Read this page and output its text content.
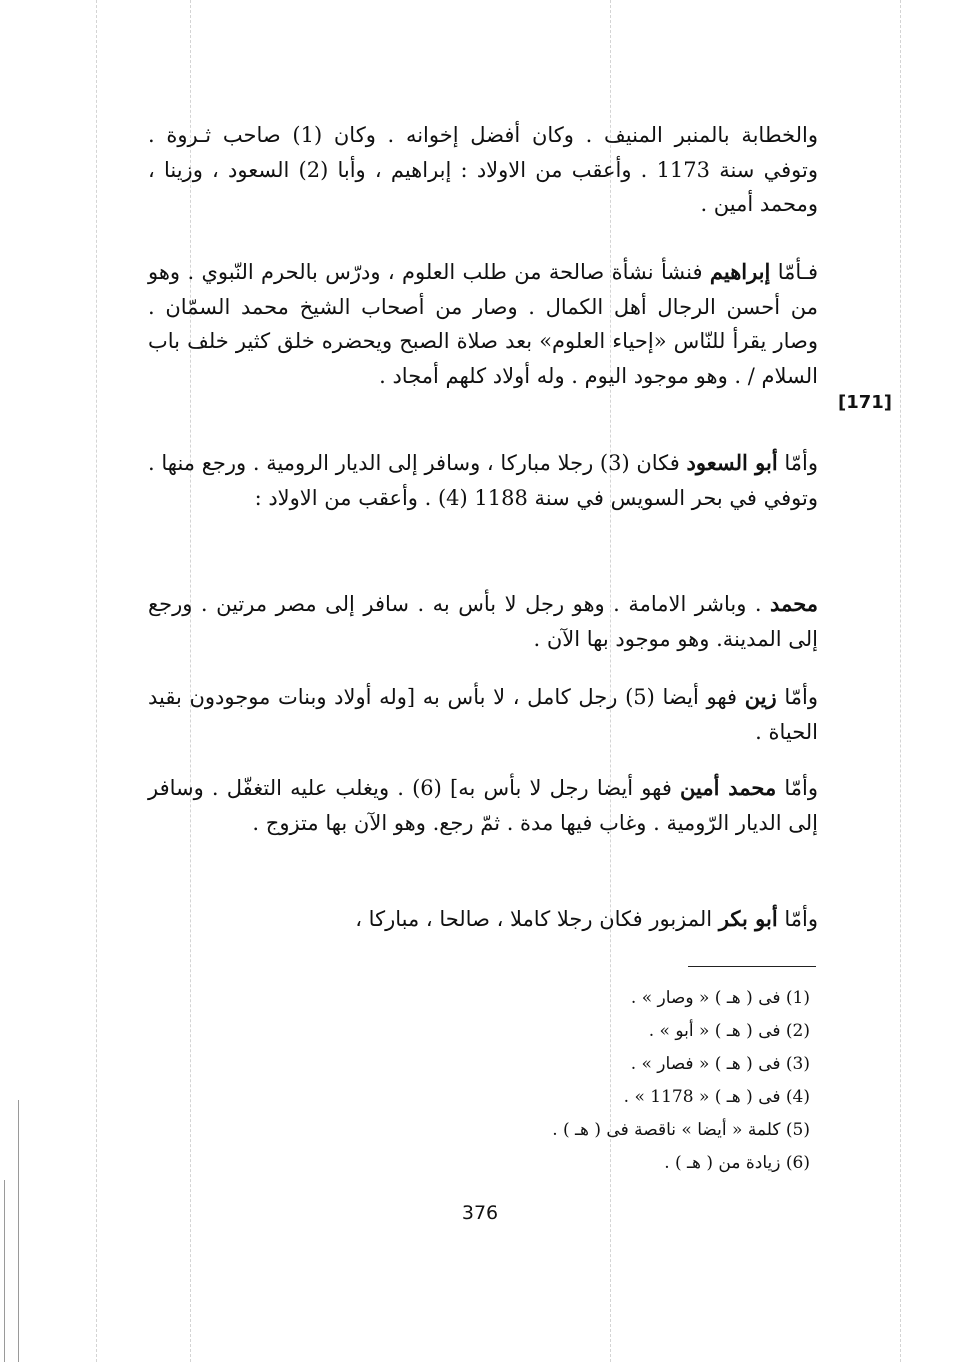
والخطابة بالمنبر المنيف . وكان أفضل إخوانه . وكان (1) صاحب ثـروة . وتوفي سنة 1173 . وأعقب من الاولاد : إبراهيم ، وأبا (2) السعود ، وزينا ، ومحمد أمين .

فـأمّا إبراهيم فنشأ نشأة صالحة من طلب العلوم ، ودرّس بالحرم النّبوي . وهو من أحسن الرجال أهل الكمال . وصار من أصحاب الشيخ محمد السمّان . وصار يقرأ للنّاس «إحياء العلوم» بعد صلاة الصبح ويحضره خلق كثير خلف باب السلام / . وهو موجود اليوم . وله أولاد كلهم أمجاد .

وأمّا أبو السعود فكان (3) رجلا مباركا ، وسافر إلى الديار الرومية . ورجع منها . وتوفي في بحر السويس في سنة 1188 (4) . وأعقب من الاولاد :

محمد . وباشر الامامة . وهو رجل لا بأس به . سافر إلى مصر مرتين . ورجع إلى المدينة. وهو موجود بها الآن .

وأمّا زين فهو أيضا (5) رجل كامل ، لا بأس به [وله أولاد وبنات موجودون بقيد الحياة .

وأمّا محمد أمين فهو أيضا رجل لا بأس به] (6) . ويغلب عليه التغفّل . وسافر إلى الديار الرّومية . وغاب فيها مدة . ثمّ رجع. وهو الآن بها متزوج .

وأمّا أبو بكر المزبور فكان رجلا كاملا ، صالحا ، مباركا ،

[171]
(1) فى ( هـ ) « وصار » .
(2) فى ( هـ ) « أبو » .
(3) فى ( هـ ) « فصار » .
(4) فى ( هـ ) « 1178 » .
(5) كلمة « أيضا » ناقصة فى ( هـ ) .
(6) زيادة من ( هـ ) .
376
